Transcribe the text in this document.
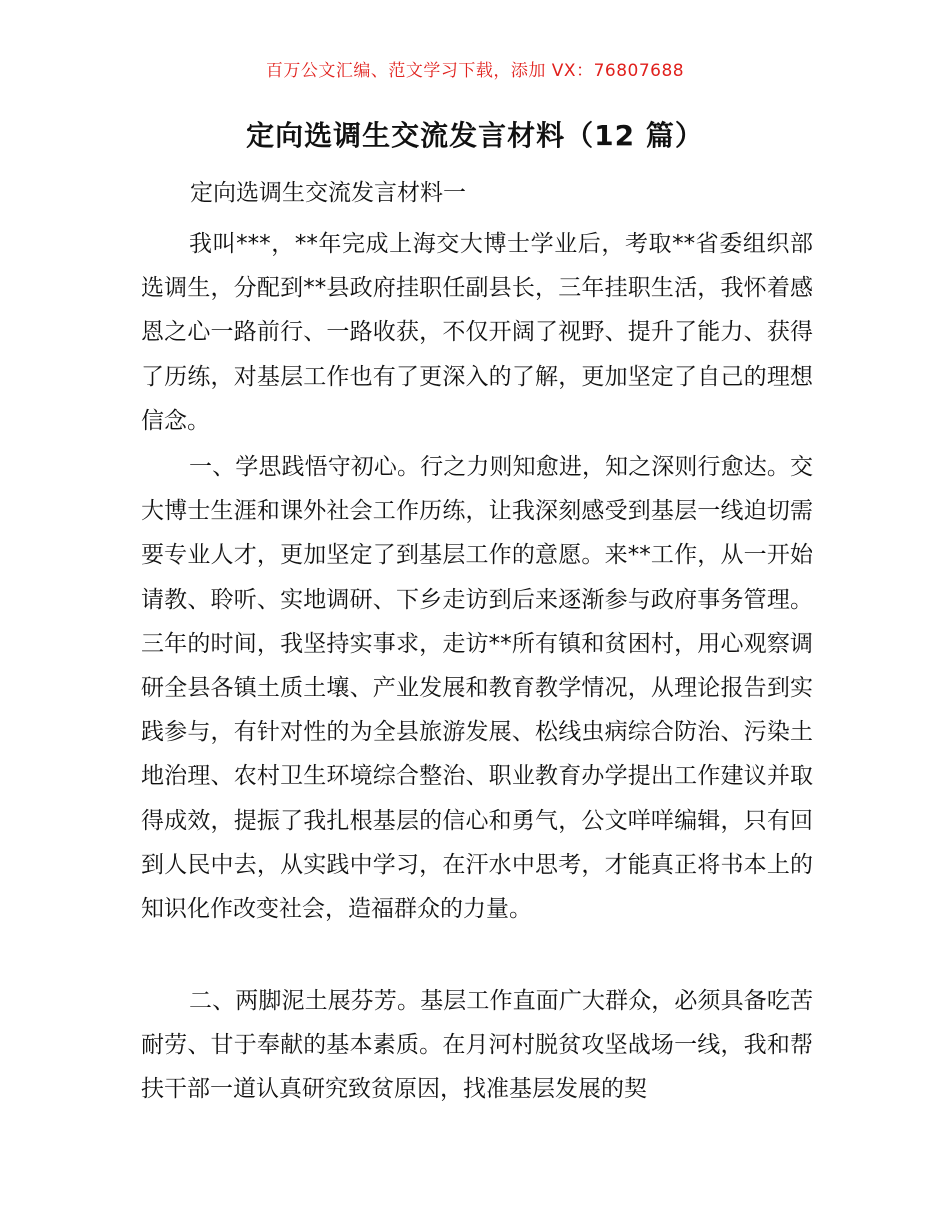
百万公文汇编、范文学习下载，添加 VX：76807688
定向选调生交流发言材料（12 篇）
定向选调生交流发言材料一

我叫***，**年完成上海交大博士学业后，考取**省委组织部选调生，分配到**县政府挂职任副县长，三年挂职生活，我怀着感恩之心一路前行、一路收获，不仅开阔了视野、提升了能力、获得了历练，对基层工作也有了更深入的了解，更加坚定了自己的理想信念。

一、学思践悟守初心。行之力则知愈进，知之深则行愈达。交大博士生涯和课外社会工作历练，让我深刻感受到基层一线迫切需要专业人才，更加坚定了到基层工作的意愿。来**工作，从一开始请教、聆听、实地调研、下乡走访到后来逐渐参与政府事务管理。三年的时间，我坚持实事求，走访**所有镇和贫困村，用心观察调研全县各镇土质土壤、产业发展和教育教学情况，从理论报告到实践参与，有针对性的为全县旅游发展、松线虫病综合防治、污染土地治理、农村卫生环境综合整治、职业教育办学提出工作建议并取得成效，提振了我扎根基层的信心和勇气，公文咩咩编辑，只有回到人民中去，从实践中学习，在汗水中思考，才能真正将书本上的知识化作改变社会，造福群众的力量。

二、两脚泥土展芬芳。基层工作直面广大群众，必须具备吃苦耐劳、甘于奉献的基本素质。在月河村脱贫攻坚战场一线，我和帮扶干部一道认真研究致贫原因，找准基层发展的契
